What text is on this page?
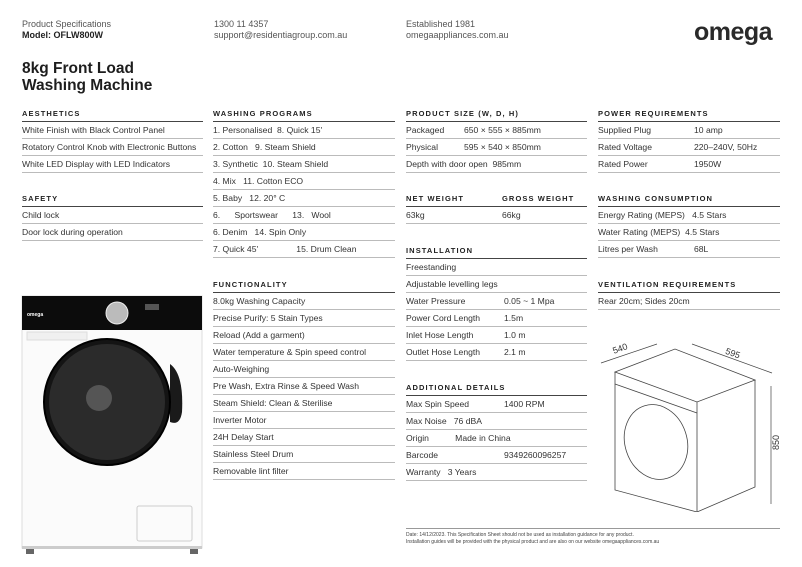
Product Specifications
Model: OFLW800W
1300 11 4357
support@residentiagroup.com.au
Established 1981
omegaappliances.com.au	omega
8kg Front Load
Washing Machine
AESTHETICS
White Finish with Black Control Panel
Rotatory Control Knob with Electronic Buttons
White LED Display with LED Indicators
SAFETY
Child lock
Door lock during operation
WASHING PROGRAMS
1. Personalised  8. Quick 15'
2. Cotton   9. Steam Shield
3. Synthetic  10. Steam Shield
4. Mix   11. Cotton ECO
5. Baby   12. 20° C
6.      Sportswear      13.   Wool
6. Denim   14. Spin Only
7. Quick 45'                15. Drum Clean
FUNCTIONALITY
8.0kg Washing Capacity
Precise Purify: 5 Stain Types
Reload (Add a garment)
Water temperature & Spin speed control
Auto-Weighing
Pre Wash, Extra Rinse & Speed Wash
Steam Shield: Clean & Sterilise
Inverter Motor
24H Delay Start
Stainless Steel Drum
Removable lint filter
PRODUCT SIZE (W, D, H)
Packaged	650 × 555 × 885mm
Physical	595 × 540 × 850mm
Depth with door open  985mm
NET WEIGHT	GROSS WEIGHT
63kg	66kg
INSTALLATION
Freestanding
Adjustable levelling legs
Water Pressure	0.05 ~ 1 Mpa
Power Cord Length	1.5m
Inlet Hose Length	1.0 m
Outlet Hose Length	2.1 m
ADDITIONAL DETAILS
Max Spin Speed	1400 RPM
Max Noise   76 dBA
Origin           Made in China
Barcode	9349260096257
Warranty   3 Years
POWER REQUIREMENTS
Supplied Plug	10 amp
Rated Voltage	220–240V, 50Hz
Rated Power	1950W
WASHING CONSUMPTION
Energy Rating (MEPS)   4.5 Stars
Water Rating (MEPS)  4.5 Stars
Litres per Wash	68L
VENTILATION REQUIREMENTS
Rear 20cm; Sides 20cm
omega
540	595
850
Date: 14/12/2023. This Specification Sheet should not be used as installation guidance for any product.
Installation guides will be provided with the physical product and are also on our website omegaappliances.com.au
